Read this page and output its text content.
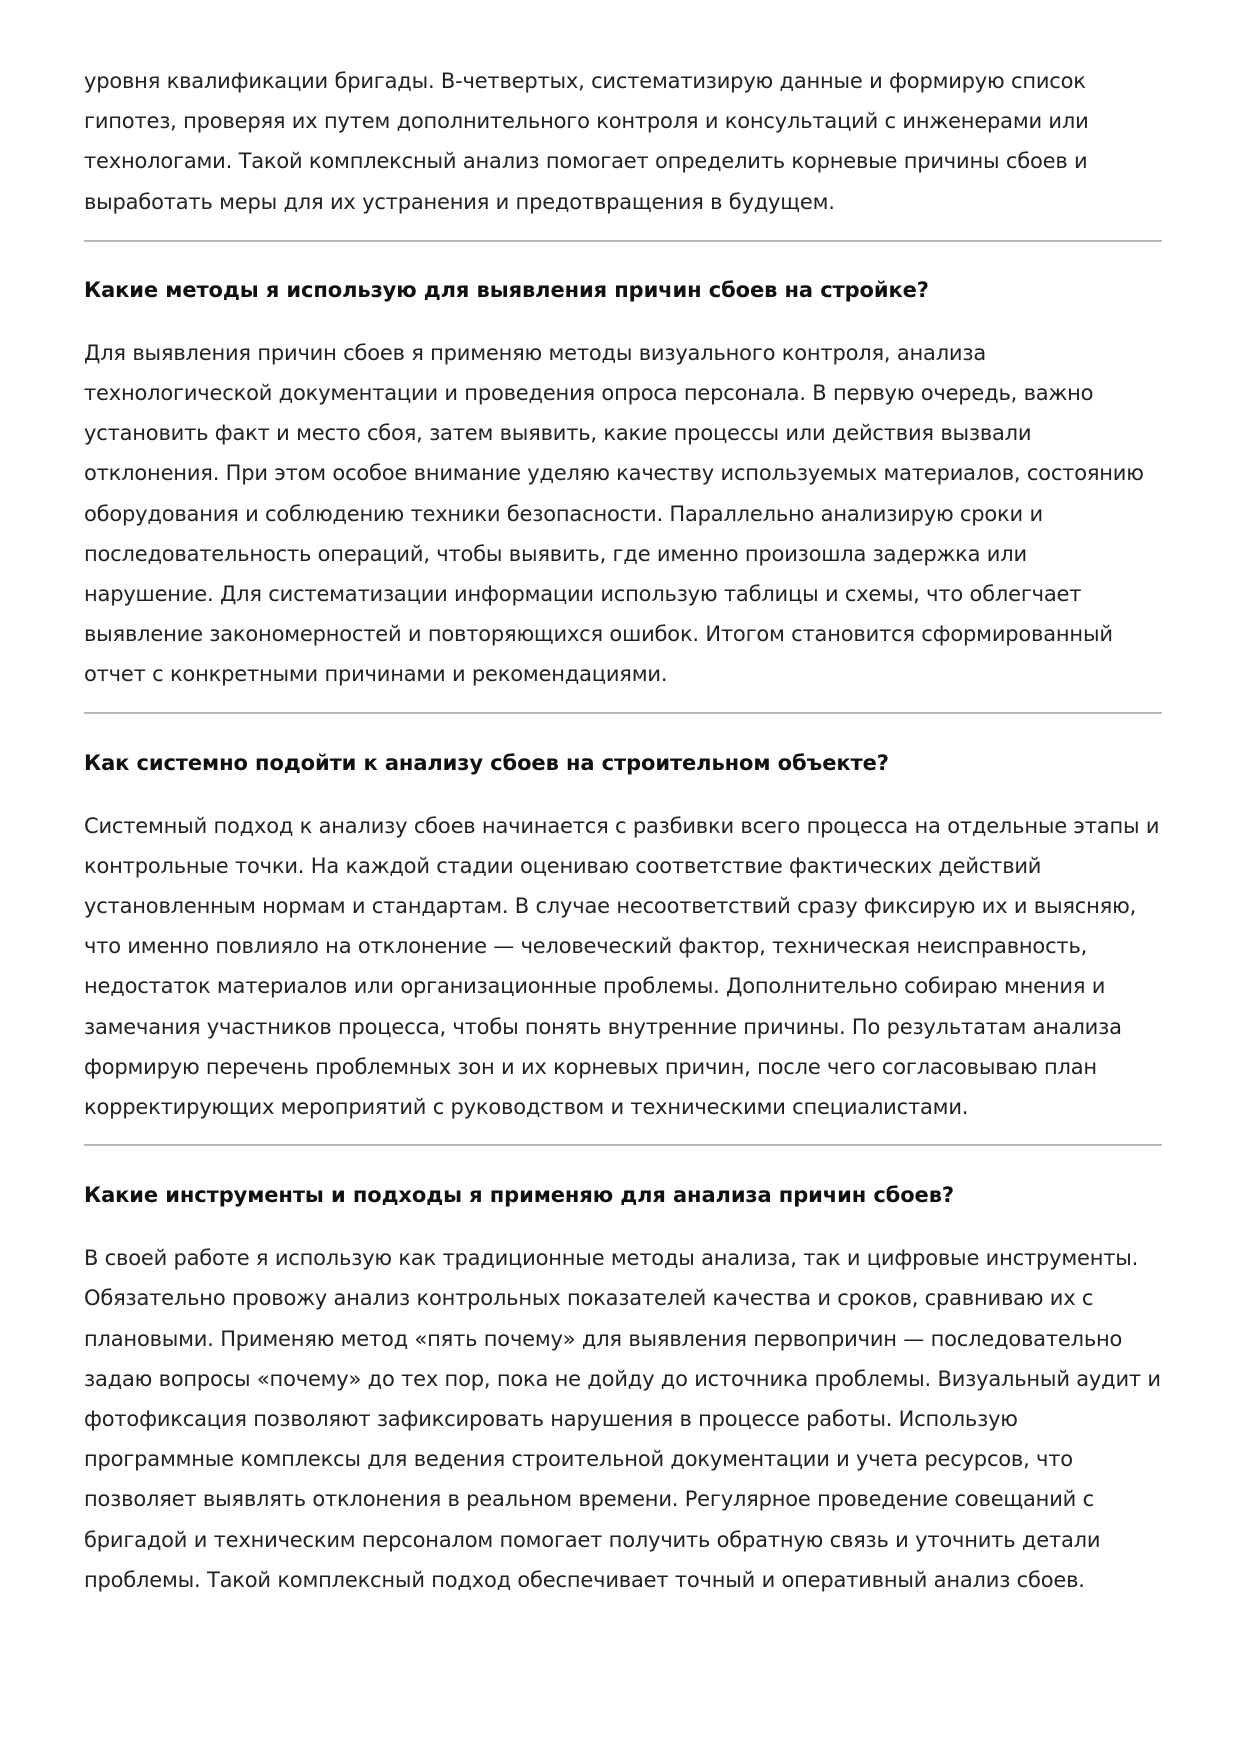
уровня квалификации бригады. В-четвертых, систематизирую данные и формирую список гипотез, проверяя их путем дополнительного контроля и консультаций с инженерами или технологами. Такой комплексный анализ помогает определить корневые причины сбоев и выработать меры для их устранения и предотвращения в будущем.

Какие методы я использую для выявления причин сбоев на стройке?

Для выявления причин сбоев я применяю методы визуального контроля, анализа технологической документации и проведения опроса персонала. В первую очередь, важно установить факт и место сбоя, затем выявить, какие процессы или действия вызвали отклонения. При этом особое внимание уделяю качеству используемых материалов, состоянию оборудования и соблюдению техники безопасности. Параллельно анализирую сроки и последовательность операций, чтобы выявить, где именно произошла задержка или нарушение. Для систематизации информации использую таблицы и схемы, что облегчает выявление закономерностей и повторяющихся ошибок. Итогом становится сформированный отчет с конкретными причинами и рекомендациями.

Как системно подойти к анализу сбоев на строительном объекте?

Системный подход к анализу сбоев начинается с разбивки всего процесса на отдельные этапы и контрольные точки. На каждой стадии оцениваю соответствие фактических действий установленным нормам и стандартам. В случае несоответствий сразу фиксирую их и выясняю, что именно повлияло на отклонение — человеческий фактор, техническая неисправность, недостаток материалов или организационные проблемы. Дополнительно собираю мнения и замечания участников процесса, чтобы понять внутренние причины. По результатам анализа формирую перечень проблемных зон и их корневых причин, после чего согласовываю план корректирующих мероприятий с руководством и техническими специалистами.

Какие инструменты и подходы я применяю для анализа причин сбоев?

В своей работе я использую как традиционные методы анализа, так и цифровые инструменты. Обязательно провожу анализ контрольных показателей качества и сроков, сравниваю их с плановыми. Применяю метод «пять почему» для выявления первопричин — последовательно задаю вопросы «почему» до тех пор, пока не дойду до источника проблемы. Визуальный аудит и фотофиксация позволяют зафиксировать нарушения в процессе работы. Использую программные комплексы для ведения строительной документации и учета ресурсов, что позволяет выявлять отклонения в реальном времени. Регулярное проведение совещаний с бригадой и техническим персоналом помогает получить обратную связь и уточнить детали проблемы. Такой комплексный подход обеспечивает точный и оперативный анализ сбоев.
